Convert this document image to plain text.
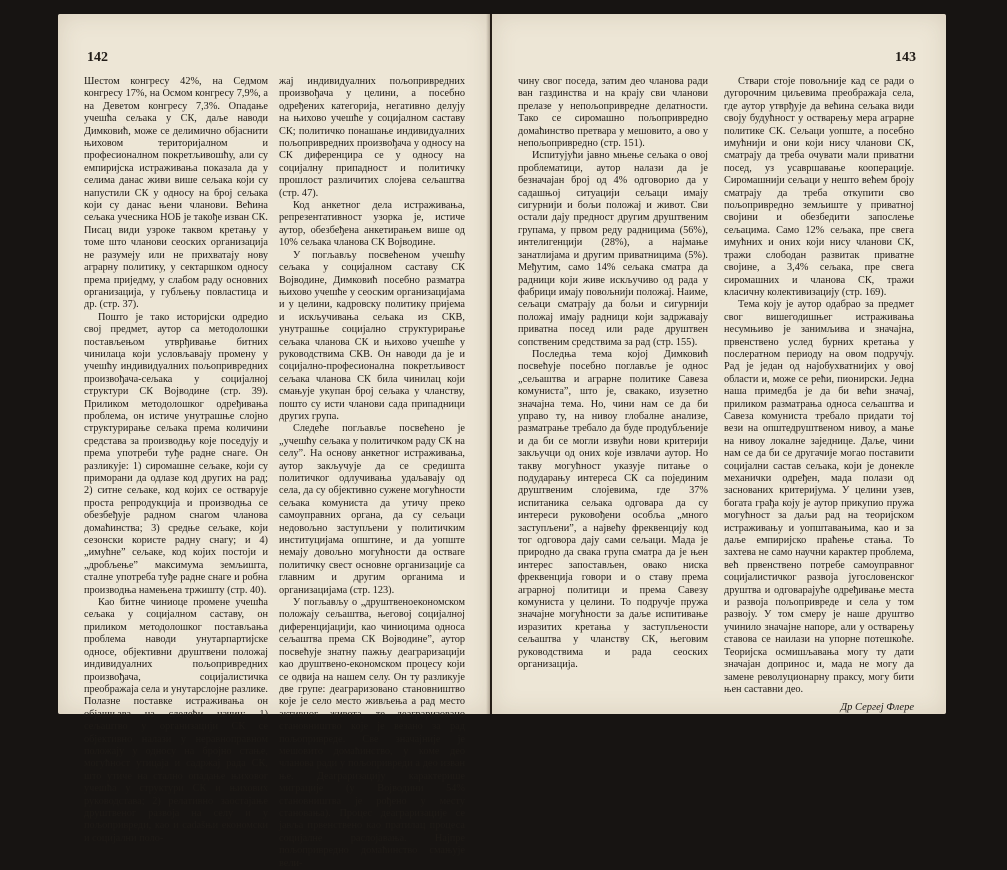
142

Шестом конгресу 42%, на Седмом конгресу 17%, на Осмом конгресу 7,9%, а на Деветом конгресу 7,3%. Опадање учешћа сељака у СК, даље наводи Димковић, може се делимично објаснити њиховом територијалном и професионалном покретљивошћу, али су емпиријска истраживања показала да у селима данас живи више сељака који су напустили СК у односу на број сељака који су данас њени чланови. Већина сељака учесника НОБ је такође изван СК. Писац види узроке таквом кретању у томе што чланови сеоских организација не разумеју или не прихватају нову аграрну политику, у сектаршком односу према приједму, у слабом раду основних организација, у губљењу повластица и др. (стр. 37).

Пошто је тако историјски одредио свој предмет, аутор са методолошки постављењом утврђивање битних чинилаца који условљавају промену у учешћу индивидуалних пољопривредних произвођача-сељака у социјалној структури СК Војводине (стр. 39). Приликом методолошког одређивања проблема, он истиче унутрашње слојно структурирање сељака према количини средстава за производњу које поседују и према употреби туђе радне снаге. Он разликује: 1) сиромашне сељаке, који су приморани да одлазе код других на рад; 2) ситне сељаке, код којих се остварује проста репродукција и производња се обезбеђује радном снагом чланова домаћинства; 3) средње сељаке, који сезонски користе радну снагу; и 4) „имућне” сељаке, код којих постоји и „дробљење” максимума земљишта, сталне употреба туђе радне снаге и робна производња намењена тржишту (стр. 40).

Као битне чиниоце промене учешћа сељака у социјалном саставу, он приликом методолошког постављања проблема наводи унутарпартијске односе, објективни друштвени положај индивидуалних пољопривредних произвођача, социјалистичка преображаја села и унутарслојне разлике. Полазне поставке истраживања он објашњава на следећи начин: 1) сељаштво у организацији СК се објективно налази у неравноправном положају у односу на бројно стање, могућност утицаја и садржај рада СК, што утиче на стално опадање њиховог учешћа у структури СК и њихових руководстава; 2) релативно заостајање друштвеног развоја на селу и у пољопривреди, као и сadašњи економски и социјални поло-

жај индивидуалних пољопривредних произвођача у целини, а посебно одређених категорија, негативно делују на њихово учешће у социјалном саставу СК; политичко понашање индивидуалних пољопривредних произвођача у односу на СК диференцира се у односу на социјалну припадност и политичку прошлост различитих слојева сељаштва (стр. 47).

Код анкетног дела истраживања, репрезентативност узорка је, истиче аутор, обезбеђена анкетирањем више од 10% сељака чланова СК Војводине.

У погљављу посвећеном учешћу сељака у социјалном саставу СК Војводине, Димковић посебно разматра њихово учешће у сеоским организацијама и у целини, кадровску политику пријема и искључивања сељака из СКВ, унутрашње социјално структурирање сељака чланова СК и њихово учешће у руководствима СКВ. Он наводи да је и социјално-професионална покретљивост сељака чланова СК била чинилац који смањује укупан број сељака у чланству, пошто су исти чланови сада припадници других група.

Следеће погљавље посвећено је „учешћу сељака у политичком раду СК на селу”. На основу анкетног истраживања, аутор закључује да се средишта политичког одлучивања удаљавају од села, да су објективно сужене могућности сељака комуниста да утичу преко самоуправних органа, да су сељаци недовољно заступљени у политичким институцијама општине, и да уопште немају довољно могућности да оствare политичку свест основне организације са главним и другим органима и организацијама (стр. 123).

У погљављу о „друштвеноекономском положају сељаштва, његовој социјалној диференцијацији, као чиниоцима односа сељаштва према СК Војводине”, аутор посвећује знатну пажњу деаграризацији као друштвено-економском процесу који се одвија на нашем селу. Он ту разликује две групе: деаграризовано становништво које је село место живљења а рад место активног живота, те деаграризовано становништво које је везано за рад пољопривреде. Све значајније је мешовито домаћинство, у коме део чланова ради у пољопривреди а део изван ње. Деаграризацију карактерише миграције (у Војводини 54% становништва је рођено у месту становања). Процес деаграризације се јавља првенствено као пратилац процеса социјалне раслојавања. Најпре пољопривредно домаћинство смањује вели-

143

чину свог поседа, затим део чланова ради ван газдинства и на крају сви чланови прелазе у непољопривредне делатности. Тако се сиромашно пољопривредно домаћинство претвара у мешовито, а ово у непољопривредно (стр. 151).

Испитујући јавно мњење сељака о овој проблематици, аутор налази да је безначајан број од 4% одговорио да у садашњој ситуацији сељаци имају сигурнији и бољи положај и живот. Сви остали дају предност другим друштвеним групама, у првом реду радницима (56%), интелигенцији (28%), а најмање занатлијама и другим приватницима (5%). Међутим, само 14% сељака сматра да радници који живе искључиво од рада у фабрици имају повољнији положај. Наиме, сељаци сматрају да бољи и сигурнији положај имају радници који задржавају приватна посед или раде друштвен сопственим средствима за рад (стр. 155).

Последња тема којој Димковић посвећује посебно поглавље је однос „сељаштва и аграрне политике Савеза комуниста”, што је, свакако, изузетно значајна тема. Но, чини нам се да би управо ту, на нивоу глобалне анализе, разматрање требало да буде продубљеније и да би се могли извући нови критерији закључци од оних које извлачи аутор. Но такву могућност указује питање о подударању интереса СК са појединим друштвеним слојевима, где 37% испитаника сељака одговара да су интереси руковођени особља „много заступљени”, а највећу фреквенцију код тог одговора дају сами сељаци. Мада је природно да свака група сматра да је њен интерес запостављен, овако ниска фреквенција говори и о ставу према аграрној политици и према Савезу комуниста у целини. То подручје пружа значајне могућности за даље испитивање изразитих кретања у заступљености сељаштва у чланству СК, његовим руководствима и рада сеоских организација.

Ствари стоје повољније кад се ради о дугорочним циљевима преображаја села, где аутор утврђује да већина сељака види своју будућност у остварењу мера аграрне политике СК. Сељаци уопште, а посебно имућнији и они који нису чланови СК, сматрају да треба очувати мали приватни посед, уз усавршавање кооперације. Сиромашнији сељаци у нешто већем броју сматрају да треба откупити сво пољопривредно земљиште у приватној својини и обезбедити запослење сељацима. Само 12% сељака, пре свега имућних и оних који нису чланови СК, тражи слободан развитак приватне својине, а 3,4% сељака, пре свега сиромашних и чланова СК, тражи класичну колективизацију (стр. 169).

Тема коју је аутор одабрао за предмет свог вишегодишњег истраживања несумњиво је занимљива и значајна, првенствено услед бурних кретања у послератном периоду на овом подручју. Рад је један од најобухватнијих у овој области и, може се рећи, пионирски. Једна наша примедба је да би већи значај, приликом разматрања односа сељаштва и Савеза комуниста требало придати тој вези на општедруштвеном нивоу, а мање на нивоу локалне заједнице. Даље, чини нам се да би се другачије могао поставити социјални састав сељака, који је донекле механички одређен, мада полази од заснованих критеријума. У целини узев, богата грађа коју је аутор прикупио пружа могућност за даљи рад на теоријском истраживању и уопштавањима, као и за даље емпиријско праћење стања. То захтева не само научни карактер проблема, већ првенствено потребе самоуправног социјалистичког развоја југословенског друштва и одговарајуће одређивање места и развоја пољопривреде и села у том развоју. У том смеру је наше друштво учинило значајне напоре, али у остварењу ставова се наилази на упорне потешкоће. Теоријска осмишљавања могу ту дати значајан допринос и, мада не могу да замене револуционарну праксу, могу бити њен саставни део.

Др Сергеј Флере
